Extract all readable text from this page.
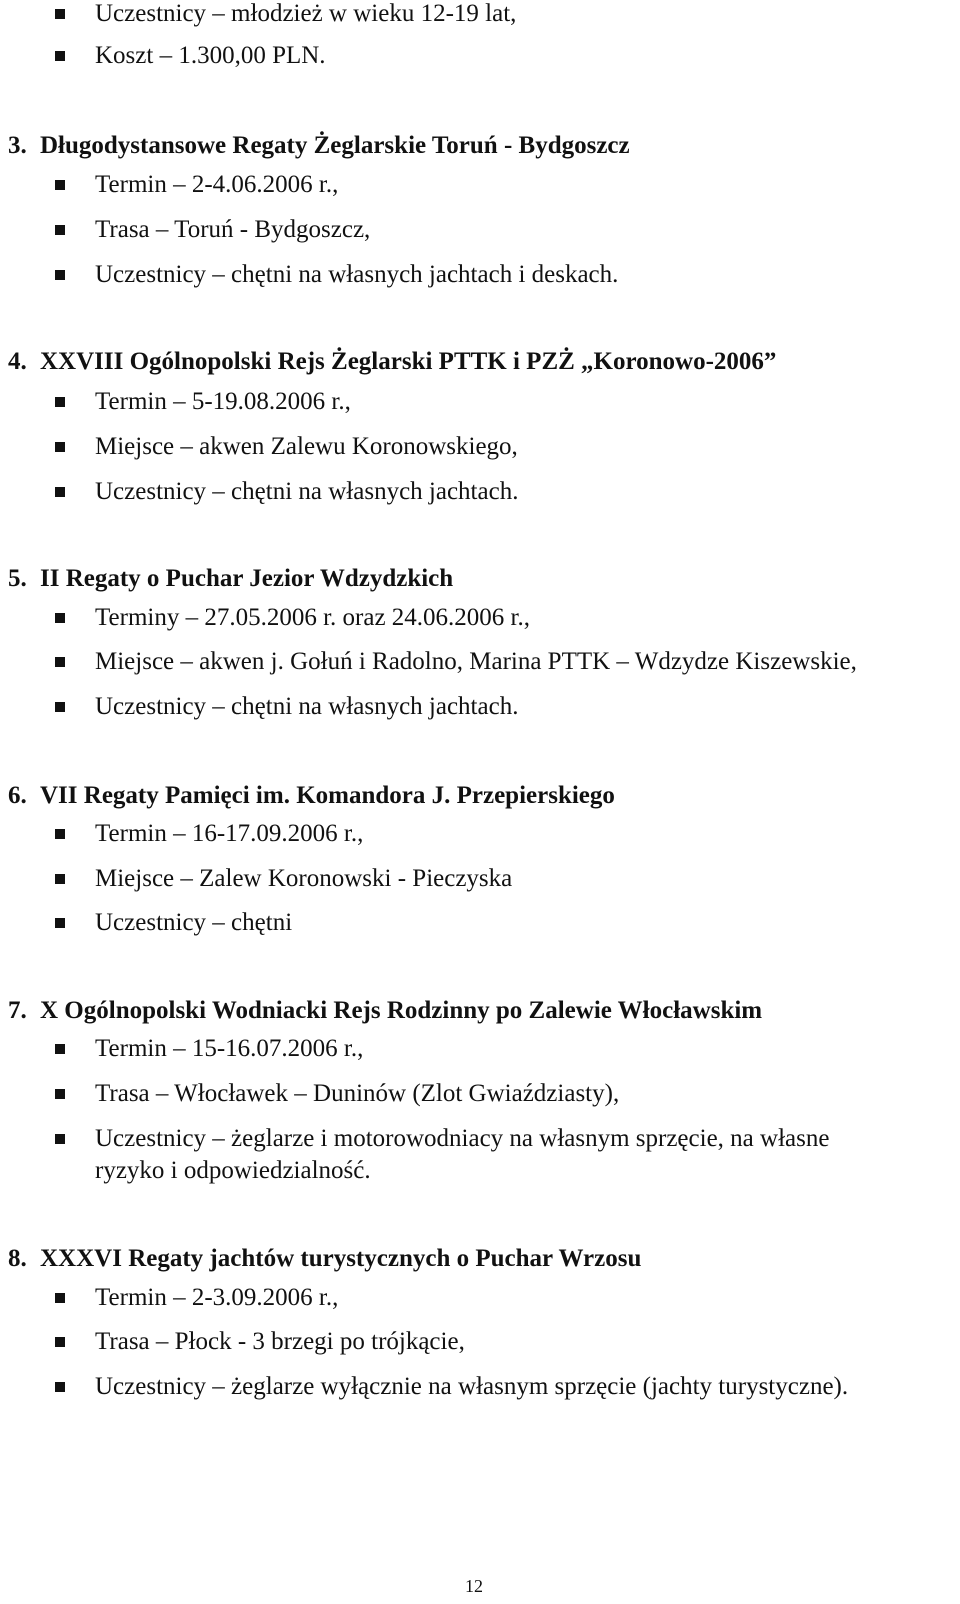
Uczestnicy – młodzież w wieku 12-19 lat,
Koszt – 1.300,00 PLN.
3. Długodystansowe Regaty Żeglarskie Toruń - Bydgoszcz
Termin – 2-4.06.2006 r.,
Trasa – Toruń - Bydgoszcz,
Uczestnicy – chętni na własnych jachtach i deskach.
4. XXVIII Ogólnopolski Rejs Żeglarski PTTK i PZŻ „Koronowo-2006”
Termin – 5-19.08.2006 r.,
Miejsce – akwen Zalewu Koronowskiego,
Uczestnicy – chętni na własnych jachtach.
5. II Regaty o Puchar Jezior Wdzydzkich
Terminy – 27.05.2006 r. oraz 24.06.2006 r.,
Miejsce – akwen j. Gołuń i Radolno, Marina PTTK – Wdzydze Kiszewskie,
Uczestnicy – chętni na własnych jachtach.
6. VII Regaty Pamięci im. Komandora J. Przepierskiego
Termin – 16-17.09.2006 r.,
Miejsce – Zalew Koronowski - Pieczyska
Uczestnicy – chętni
7. X Ogólnopolski Wodniacki Rejs Rodzinny po Zalewie Włocławskim
Termin – 15-16.07.2006 r.,
Trasa – Włocławek – Duninów (Zlot Gwiaździasty),
Uczestnicy – żeglarze i motorowodniacy na własnym sprzęcie, na własne
ryzyko i odpowiedzialność.
8. XXXVI Regaty jachtów turystycznych o Puchar Wrzosu
Termin – 2-3.09.2006 r.,
Trasa – Płock - 3 brzegi po trójkącie,
Uczestnicy – żeglarze wyłącznie na własnym sprzęcie (jachty turystyczne).
12
